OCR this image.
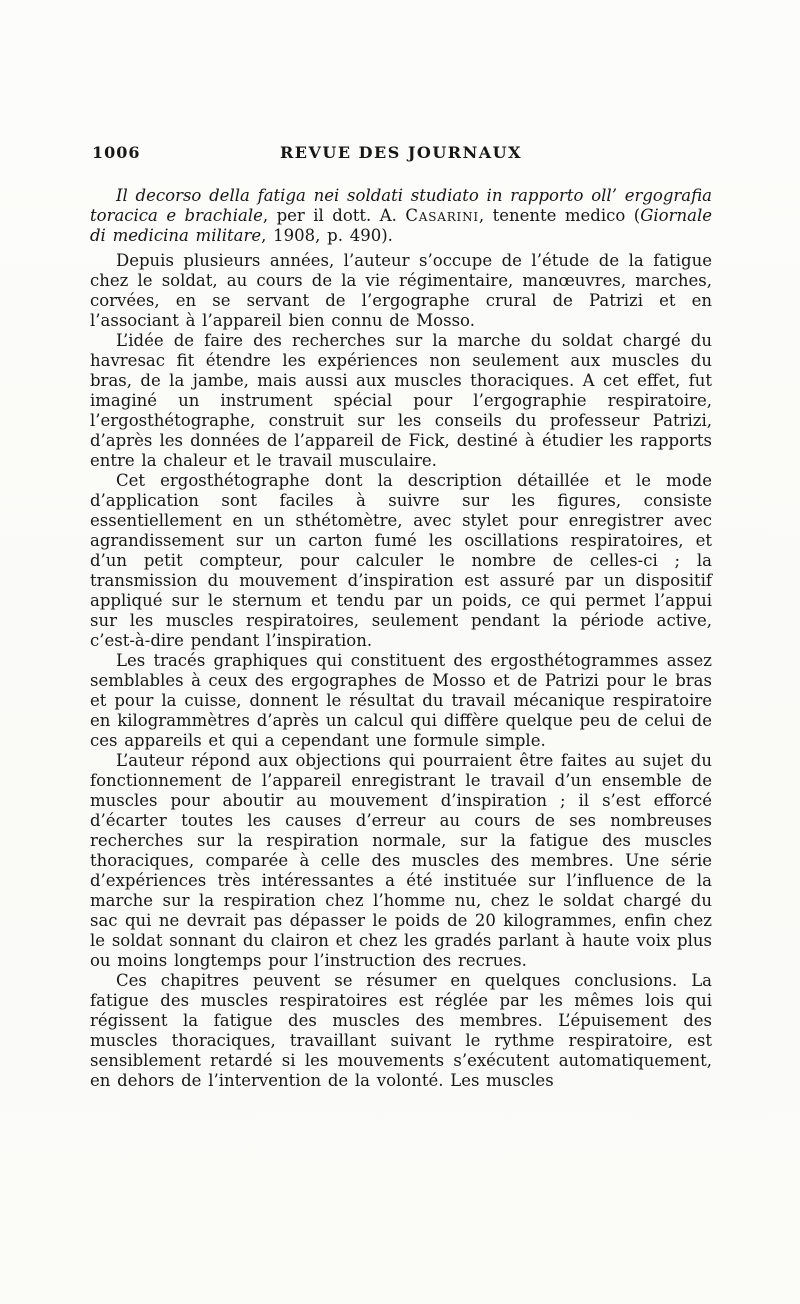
1006	REVUE DES JOURNAUX

Il decorso della fatiga nei soldati studiato in rapporto oll’ ergografia toracica e brachiale, per il dott. A. Casarini, tenente medico (Giornale di medicina militare, 1908, p. 490).

Depuis plusieurs années, l’auteur s’occupe de l’étude de la fatigue chez le soldat, au cours de la vie régimentaire, manœuvres, marches, corvées, en se servant de l’ergographe crural de Patrizi et en l’associant à l’appareil bien connu de Mosso.

L’idée de faire des recherches sur la marche du soldat chargé du havresac fit étendre les expériences non seulement aux muscles du bras, de la jambe, mais aussi aux muscles thoraciques. A cet effet, fut imaginé un instrument spécial pour l’ergographie respiratoire, l’ergosthétographe, construit sur les conseils du professeur Patrizi, d’après les données de l’appareil de Fick, destiné à étudier les rapports entre la chaleur et le travail musculaire.

Cet ergosthétographe dont la description détaillée et le mode d’application sont faciles à suivre sur les figures, consiste essentiellement en un sthétomètre, avec stylet pour enregistrer avec agrandissement sur un carton fumé les oscillations respiratoires, et d’un petit compteur, pour calculer le nombre de celles-ci ; la transmission du mouvement d’inspiration est assuré par un dispositif appliqué sur le sternum et tendu par un poids, ce qui permet l’appui sur les muscles respiratoires, seulement pendant la période active, c’est-à-dire pendant l’inspiration.

Les tracés graphiques qui constituent des ergosthétogrammes assez semblables à ceux des ergographes de Mosso et de Patrizi pour le bras et pour la cuisse, donnent le résultat du travail mécanique respiratoire en kilogrammètres d’après un calcul qui diffère quelque peu de celui de ces appareils et qui a cependant une formule simple.

L’auteur répond aux objections qui pourraient être faites au sujet du fonctionnement de l’appareil enregistrant le travail d’un ensemble de muscles pour aboutir au mouvement d’inspiration ; il s’est efforcé d’écarter toutes les causes d’erreur au cours de ses nombreuses recherches sur la respiration normale, sur la fatigue des muscles thoraciques, comparée à celle des muscles des membres. Une série d’expériences très intéressantes a été instituée sur l’influence de la marche sur la respiration chez l’homme nu, chez le soldat chargé du sac qui ne devrait pas dépasser le poids de 20 kilogrammes, enfin chez le soldat sonnant du clairon et chez les gradés parlant à haute voix plus ou moins longtemps pour l’instruction des recrues.

Ces chapitres peuvent se résumer en quelques conclusions. La fatigue des muscles respiratoires est réglée par les mêmes lois qui régissent la fatigue des muscles des membres. L’épuisement des muscles thoraciques, travaillant suivant le rythme respiratoire, est sensiblement retardé si les mouvements s’exécutent automatiquement, en dehors de l’intervention de la volonté. Les muscles
